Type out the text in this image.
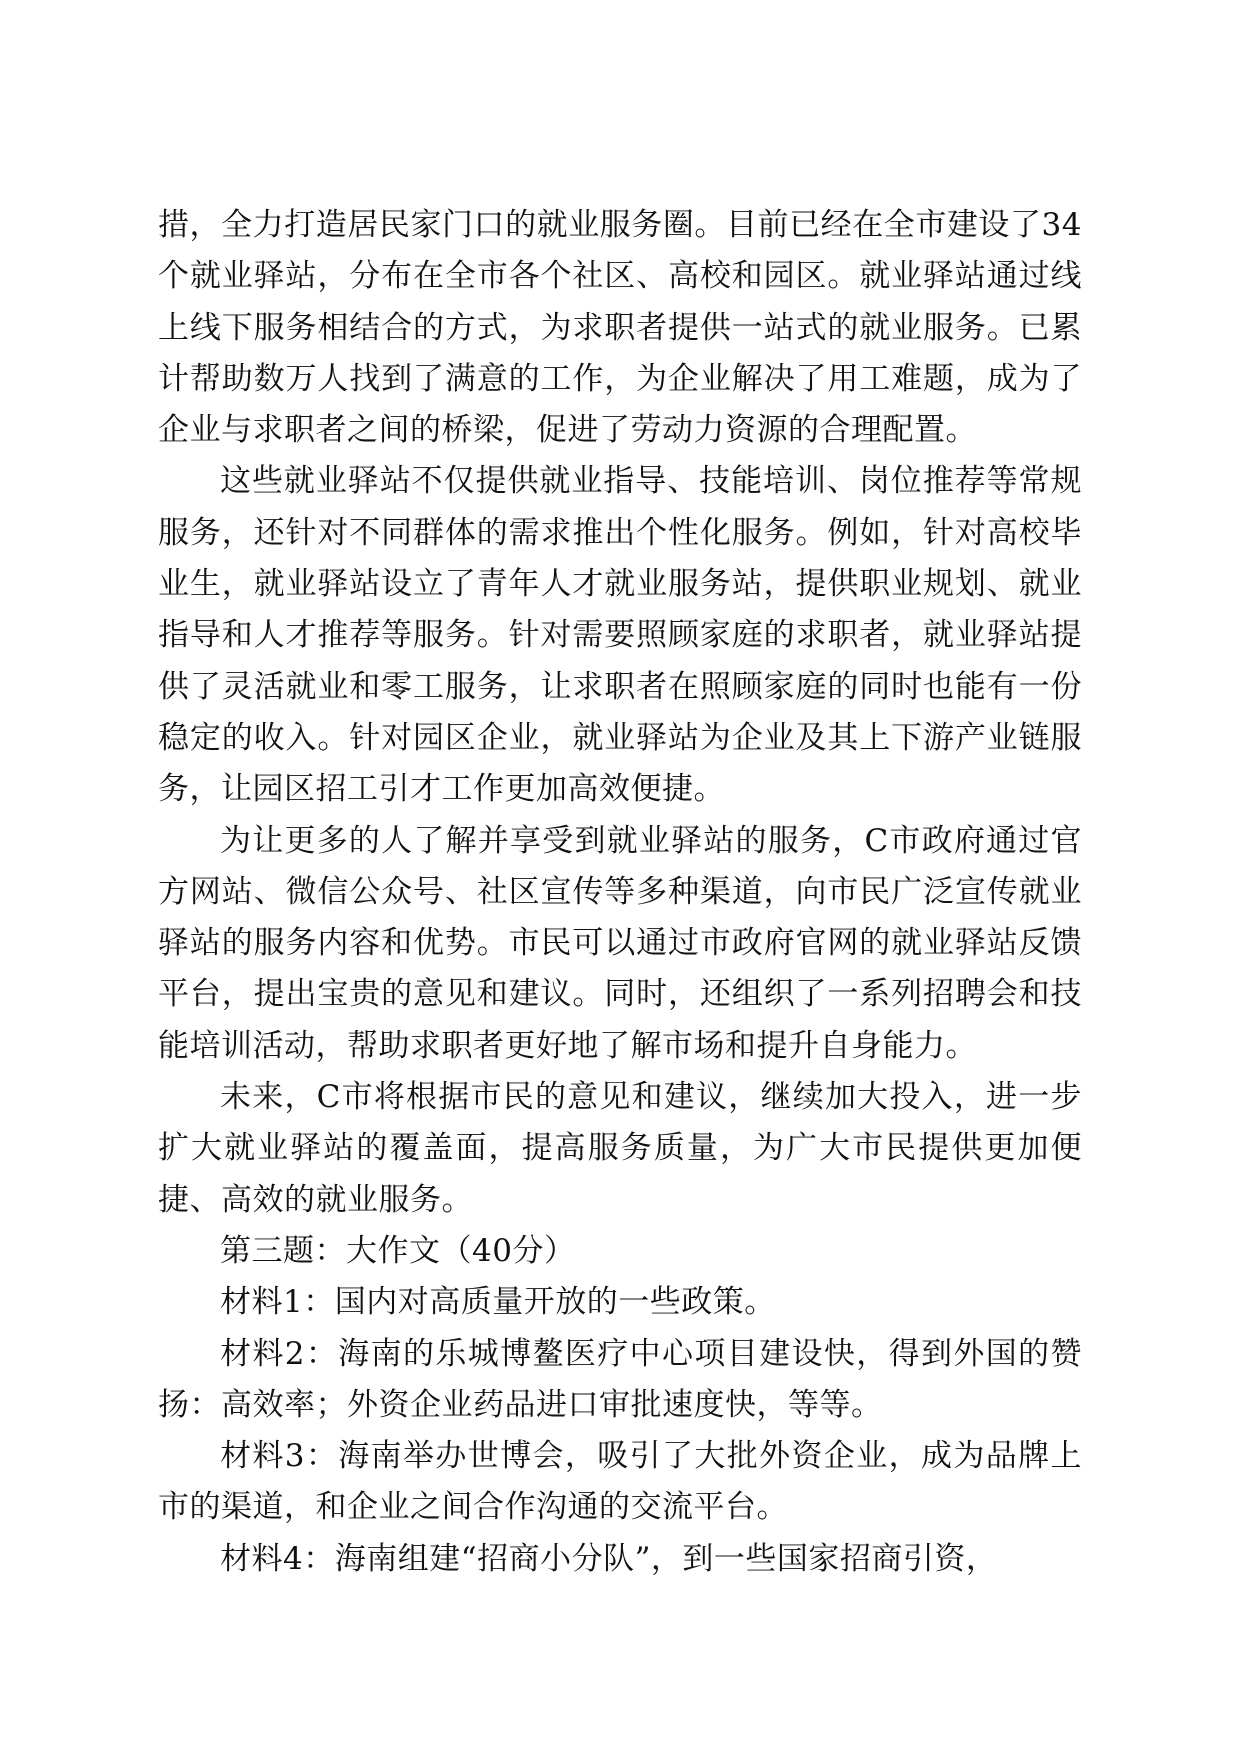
措，全力打造居民家门口的就业服务圈。目前已经在全市建设了34个就业驿站，分布在全市各个社区、高校和园区。就业驿站通过线上线下服务相结合的方式，为求职者提供一站式的就业服务。已累计帮助数万人找到了满意的工作，为企业解决了用工难题，成为了企业与求职者之间的桥梁，促进了劳动力资源的合理配置。

这些就业驿站不仅提供就业指导、技能培训、岗位推荐等常规服务，还针对不同群体的需求推出个性化服务。例如，针对高校毕业生，就业驿站设立了青年人才就业服务站，提供职业规划、就业指导和人才推荐等服务。针对需要照顾家庭的求职者，就业驿站提供了灵活就业和零工服务，让求职者在照顾家庭的同时也能有一份稳定的收入。针对园区企业，就业驿站为企业及其上下游产业链服务，让园区招工引才工作更加高效便捷。

为让更多的人了解并享受到就业驿站的服务，C市政府通过官方网站、微信公众号、社区宣传等多种渠道，向市民广泛宣传就业驿站的服务内容和优势。市民可以通过市政府官网的就业驿站反馈平台，提出宝贵的意见和建议。同时，还组织了一系列招聘会和技能培训活动，帮助求职者更好地了解市场和提升自身能力。

未来，C市将根据市民的意见和建议，继续加大投入，进一步扩大就业驿站的覆盖面，提高服务质量，为广大市民提供更加便捷、高效的就业服务。

第三题：大作文（40分）

材料1：国内对高质量开放的一些政策。

材料2：海南的乐城博鳌医疗中心项目建设快，得到外国的赞扬：高效率；外资企业药品进口审批速度快，等等。

材料3：海南举办世博会，吸引了大批外资企业，成为品牌上市的渠道，和企业之间合作沟通的交流平台。

材料4：海南组建“招商小分队”，到一些国家招商引资，
